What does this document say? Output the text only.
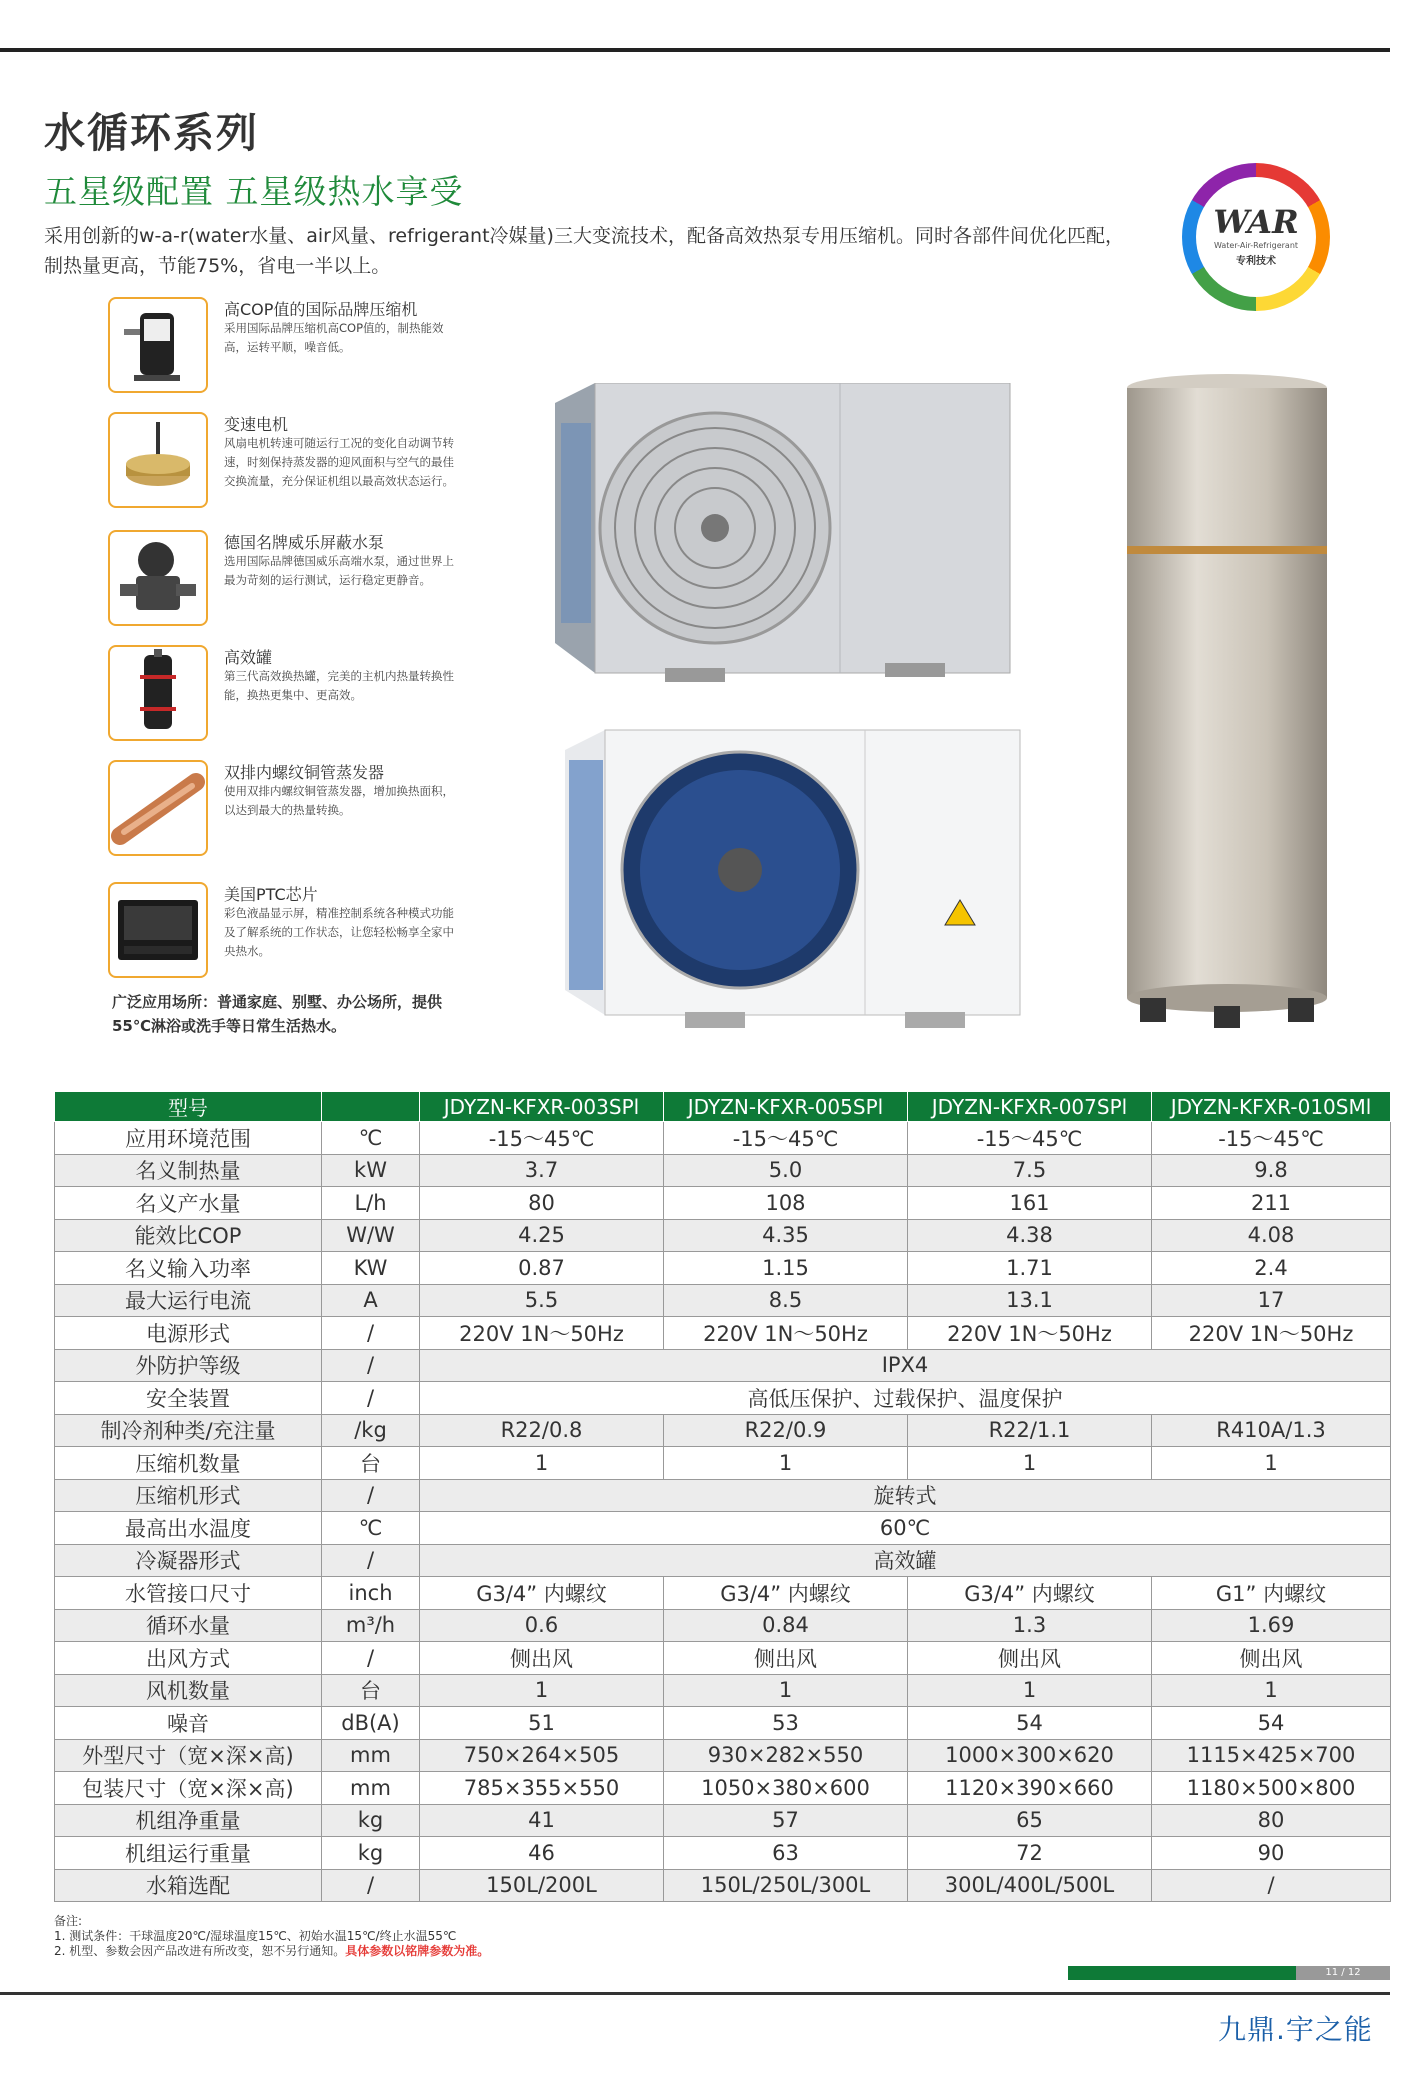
水循环系列
五星级配置 五星级热水享受
采用创新的w-a-r(water水量、air风量、refrigerant冷媒量)三大变流技术，配备高效热泵专用压缩机。同时各部件间优化匹配，制热量更高，节能75%，省电一半以上。
WAR
Water-Air-Refrigerant
专利技术
高COP值的国际品牌压缩机
采用国际品牌压缩机高COP值的，制热能效高，运转平顺，噪音低。
变速电机
风扇电机转速可随运行工况的变化自动调节转速，时刻保持蒸发器的迎风面积与空气的最佳交换流量，充分保证机组以最高效状态运行。
德国名牌威乐屏蔽水泵
选用国际品牌德国威乐高端水泵，通过世界上最为苛刻的运行测试，运行稳定更静音。
高效罐
第三代高效换热罐，完美的主机内热量转换性能，换热更集中、更高效。
双排内螺纹铜管蒸发器
使用双排内螺纹铜管蒸发器，增加换热面积，以达到最大的热量转换。
美国PTC芯片
彩色液晶显示屏，精准控制系统各种模式功能及了解系统的工作状态，让您轻松畅享全家中央热水。
广泛应用场所：普通家庭、别墅、办公场所，提供55℃淋浴或洗手等日常生活热水。
型号		JDYZN-KFXR-003SPl	JDYZN-KFXR-005SPl	JDYZN-KFXR-007SPl	JDYZN-KFXR-010SMl
应用环境范围	℃	-15～45℃	-15～45℃	-15～45℃	-15～45℃
名义制热量	kW	3.7	5.0	7.5	9.8
名义产水量	L/h	80	108	161	211
能效比COP	W/W	4.25	4.35	4.38	4.08
名义输入功率	KW	0.87	1.15	1.71	2.4
最大运行电流	A	5.5	8.5	13.1	17
电源形式	/	220V 1N～50Hz	220V 1N～50Hz	220V 1N～50Hz	220V 1N～50Hz
外防护等级	/	IPX4			
安全装置	/	高低压保护、过载保护、温度保护			
制冷剂种类/充注量	/kg	R22/0.8	R22/0.9	R22/1.1	R410A/1.3
压缩机数量	台	1	1	1	1
压缩机形式	/	旋转式			
最高出水温度	℃	60℃			
冷凝器形式	/	高效罐			
水管接口尺寸	inch	G3/4” 内螺纹	G3/4” 内螺纹	G3/4” 内螺纹	G1” 内螺纹
循环水量	m³/h	0.6	0.84	1.3	1.69
出风方式	/	侧出风	侧出风	侧出风	侧出风
风机数量	台	1	1	1	1
噪音	dB(A)	51	53	54	54
外型尺寸（宽×深×高)	mm	750×264×505	930×282×550	1000×300×620	1115×425×700
包装尺寸（宽×深×高)	mm	785×355×550	1050×380×600	1120×390×660	1180×500×800
机组净重量	kg	41	57	65	80
机组运行重量	kg	46	63	72	90
水箱选配	/	150L/200L	150L/250L/300L	300L/400L/500L	/
备注:
1. 测试条件：干球温度20℃/湿球温度15℃、初始水温15℃/终止水温55℃
2. 机型、参数会因产品改进有所改变，恕不另行通知。具体参数以铭牌参数为准。
11 / 12
九鼎.宇之能
